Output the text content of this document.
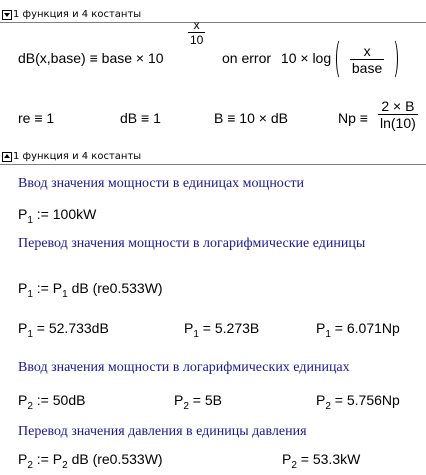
1 функция и 4 костанты
dB(x,base) ≡ base × 10
$\frac{x}{10}$
on error 10 × log
$\frac{x}{\text{base}}$

re ≡ 1	dB ≡ 1	B ≡ 10 × dB	$Np \equiv \frac{2 \times B}{\ln(10)}$
1 функция и 4 костанты
Ввод значения мощности в единицах мощности
$P_1$ := 100kW
Перевод значения мощности в логарифмические единицы
$P_1$ := $P_1$ dB (re0.533W)
$P_1 = 52.733dB$	$P_1 = 5.273B$	$P_1 = 6.071Np$
Ввод значения мощности в логарифмических единицах
$P_2$ := 50dB	$P_2 = 5B$	$P_2 = 5.756Np$
Перевод значения давления в единицы давления
$P_2$ := $P_2$ dB (re0.533W)	$P_2 = 53.3kW$
